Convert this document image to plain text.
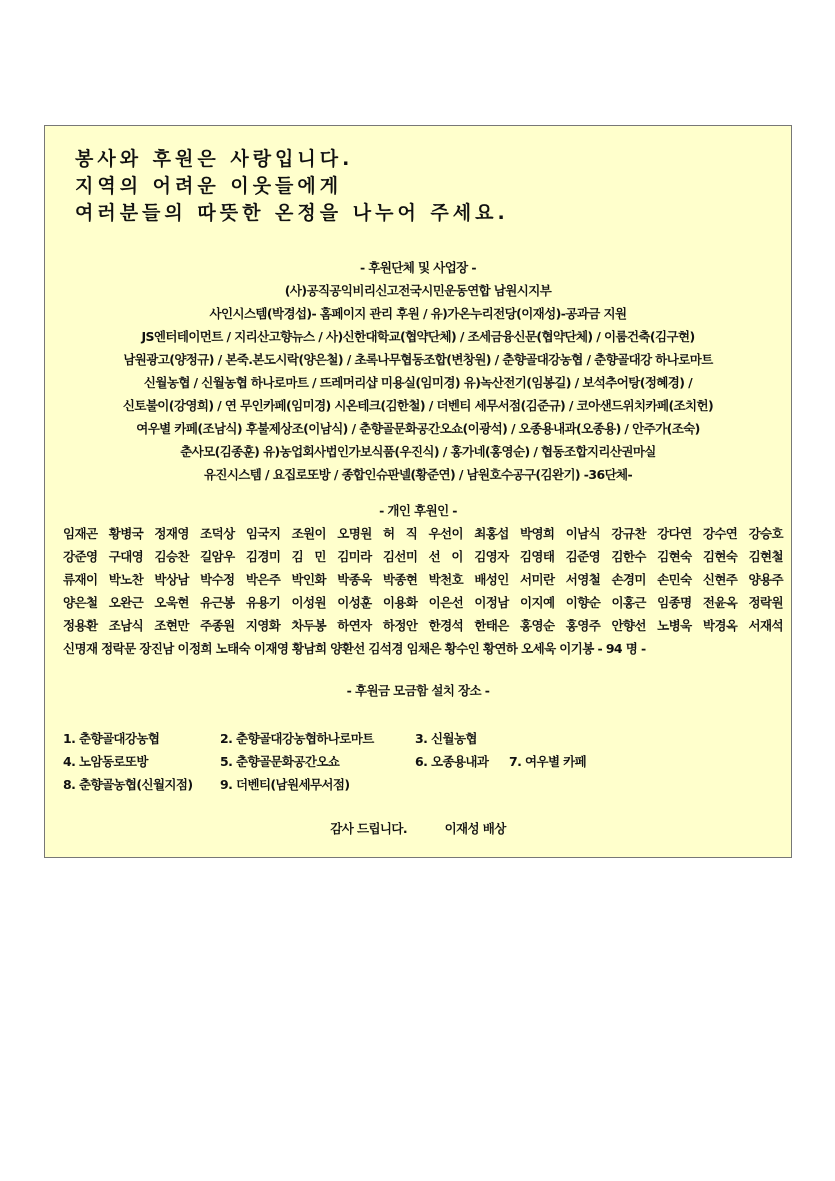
봉사와 후원은 사랑입니다.
지역의 어려운 이웃들에게
여러분들의 따뜻한 온정을 나누어 주세요.
- 후원단체 및 사업장 -
(사)공직공익비리신고전국시민운동연합 남원시지부
사인시스템(박경섭)- 홈페이지 관리 후원 / 유)가온누리전당(이재성)-공과금 지원
JS엔터테이먼트 / 지리산고향뉴스 / 사)신한대학교(협약단체) / 조세금융신문(협약단체) / 이룸건축(김구현)
남원광고(양정규) / 본죽.본도시락(양은철) / 초록나무협동조합(변창원) / 춘향골대강농협 / 춘향골대강 하나로마트
신월농협 / 신월농협 하나로마트 / 뜨레머리샵 미용실(임미경) 유)녹산전기(임봉길) / 보석추어탕(정혜경) /
신토불이(강영희) / 연 무인카페(임미경) 시온테크(김한철) / 더벤티 세무서점(김준규) / 코아샌드위치카페(조치헌)
여우별 카페(조남식) 후불제상조(이남식) / 춘향골문화공간오쇼(이광석) / 오종용내과(오종용) / 안주가(조숙)
춘사모(김종훈) 유)농업회사법인가보식품(우진식) / 홍가네(홍영순) / 협동조합지리산권마실
유진시스템 / 요집로또방 / 종합인슈판넬(황준연) / 남원호수공구(김완기) -36단체-
- 개인 후원인 -
임재곤 황병국 정재영 조덕상 임국지 조원이 오명원 허 직 우선이 최홍섭 박영희 이남식 강규찬 강다연 강수연 강승호
강준영 구대영 김승찬 길암우 김경미 김 민 김미라 김선미 선 이 김영자 김영태 김준영 김한수 김현숙 김현숙 김현철
류재이 박노찬 박상남 박수정 박은주 박인화 박종욱 박종현 박천호 배성인 서미란 서영철 손경미 손민숙 신현주 양용주
양은철 오완근 오욱현 유근봉 유용기 이성원 이성훈 이용화 이은선 이정남 이지예 이향순 이홍근 임종명 전윤옥 정락원
정용환 조남식 조현만 주종원 지영화 차두봉 하연자 하정안 한경석 한태은 홍영순 홍영주 안향선 노병욱 박경옥 서재석
신명재 정락문 장진남 이정희 노태숙 이재영 황남희 양환선 김석경 임채은 황수인 황연하 오세욱 이기봉 - 94 명 -
- 후원금 모금함 설치 장소 -
1. 춘향골대강농협	2. 춘향골대강농협하나로마트	3. 신월농협
4. 노암동로또방	5. 춘향골문화공간오쇼	6. 오종용내과 7. 여우별 카페
8. 춘향골농협(신월지점) 9. 더벤티(남원세무서점)
감사 드립니다.	이재성 배상
